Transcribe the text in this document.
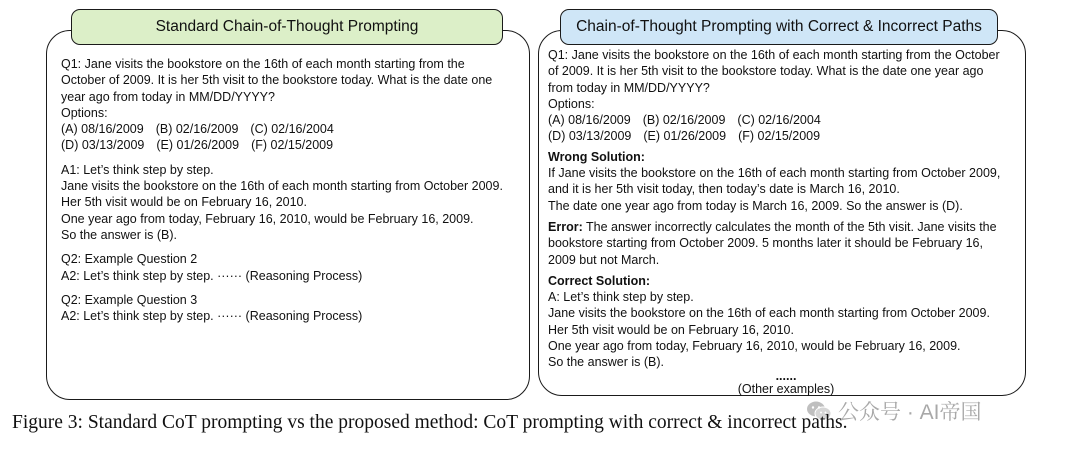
Standard Chain-of-Thought Prompting
Q1: Jane visits the bookstore on the 16th of each month starting from the
October of 2009. It is her 5th visit to the bookstore today. What is the date one
year ago from today in MM/DD/YYYY?
Options:
(A) 08/16/2009 (B) 02/16/2009 (C) 02/16/2004
(D) 03/13/2009 (E) 01/26/2009 (F) 02/15/2009
A1: Let’s think step by step.
Jane visits the bookstore on the 16th of each month starting from October 2009.
Her 5th visit would be on February 16, 2010.
One year ago from today, February 16, 2010, would be February 16, 2009.
So the answer is (B).
Q2: Example Question 2
A2: Let’s think step by step. ······ (Reasoning Process)
Q2: Example Question 3
A2: Let’s think step by step. ······ (Reasoning Process)
Chain-of-Thought Prompting with Correct & Incorrect Paths
Q1: Jane visits the bookstore on the 16th of each month starting from the October
of 2009. It is her 5th visit to the bookstore today. What is the date one year ago
from today in MM/DD/YYYY?
Options:
(A) 08/16/2009 (B) 02/16/2009 (C) 02/16/2004
(D) 03/13/2009 (E) 01/26/2009 (F) 02/15/2009
Wrong Solution:
If Jane visits the bookstore on the 16th of each month starting from October 2009,
and it is her 5th visit today, then today’s date is March 16, 2010.
The date one year ago from today is March 16, 2009. So the answer is (D).
Error: The answer incorrectly calculates the month of the 5th visit. Jane visits the
bookstore starting from October 2009. 5 months later it should be February 16,
2009 but not March.
Correct Solution:
A: Let’s think step by step.
Jane visits the bookstore on the 16th of each month starting from October 2009.
Her 5th visit would be on February 16, 2010.
One year ago from today, February 16, 2010, would be February 16, 2009.
So the answer is (B).
......
(Other examples)
公众号 · AI帝国
Figure 3: Standard CoT prompting vs the proposed method: CoT prompting with correct & incorrect paths.
